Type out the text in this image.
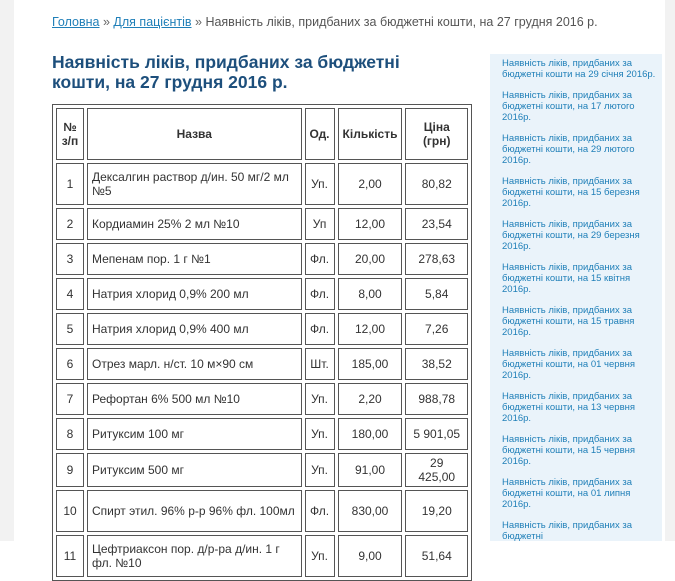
Головна » Для пацієнтів » Наявність ліків, придбаних за бюджетні кошти, на 27 грудня 2016 р.
Наявність ліків, придбаних за бюджетні кошти, на 27 грудня 2016 р.
№ з/п	Назва	Од.	Кількість	Ціна (грн)
1	Дексалгин раствор д/ин. 50 мг/2 мл №5	Уп.	2,00	80,82
2	Кордиамин 25% 2 мл №10	Уп	12,00	23,54
3	Мепенам пор. 1 г №1	Фл.	20,00	278,63
4	Натрия хлорид 0,9% 200 мл	Фл.	8,00	5,84
5	Натрия хлорид 0,9% 400 мл	Фл.	12,00	7,26
6	Отрез марл. н/ст. 10 м×90 см	Шт.	185,00	38,52
7	Рефортан 6% 500 мл №10	Уп.	2,20	988,78
8	Ритуксим 100 мг	Уп.	180,00	5 901,05
9	Ритуксим 500 мг	Уп.	91,00	29 425,00
10	Спирт этил. 96% р-р 96% фл. 100мл	Фл.	830,00	19,20
11	Цефтриаксон пор. д/р-ра д/ин. 1 г фл. №10	Уп.	9,00	51,64
Наявність ліків, придбаних за бюджетні кошти на 29 січня 2016р.
Наявність ліків, придбаних за бюджетні кошти, на 17 лютого 2016р.
Наявність ліків, придбаних за бюджетні кошти, на 29 лютого 2016р.
Наявність ліків, придбаних за бюджетні кошти, на 15 березня 2016р.
Наявність ліків, придбаних за бюджетні кошти, на 29 березня 2016р.
Наявність ліків, придбаних за бюджетні кошти, на 15 квітня 2016р.
Наявність ліків, придбаних за бюджетні кошти, на 15 травня 2016р.
Наявність ліків, придбаних за бюджетні кошти, на 01 червня 2016р.
Наявність ліків, придбаних за бюджетні кошти, на 13 червня 2016р.
Наявність ліків, придбаних за бюджетні кошти, на 15 червня 2016р.
Наявність ліків, придбаних за бюджетні кошти, на 01 липня 2016р.
Наявність ліків, придбаних за бюджетні
